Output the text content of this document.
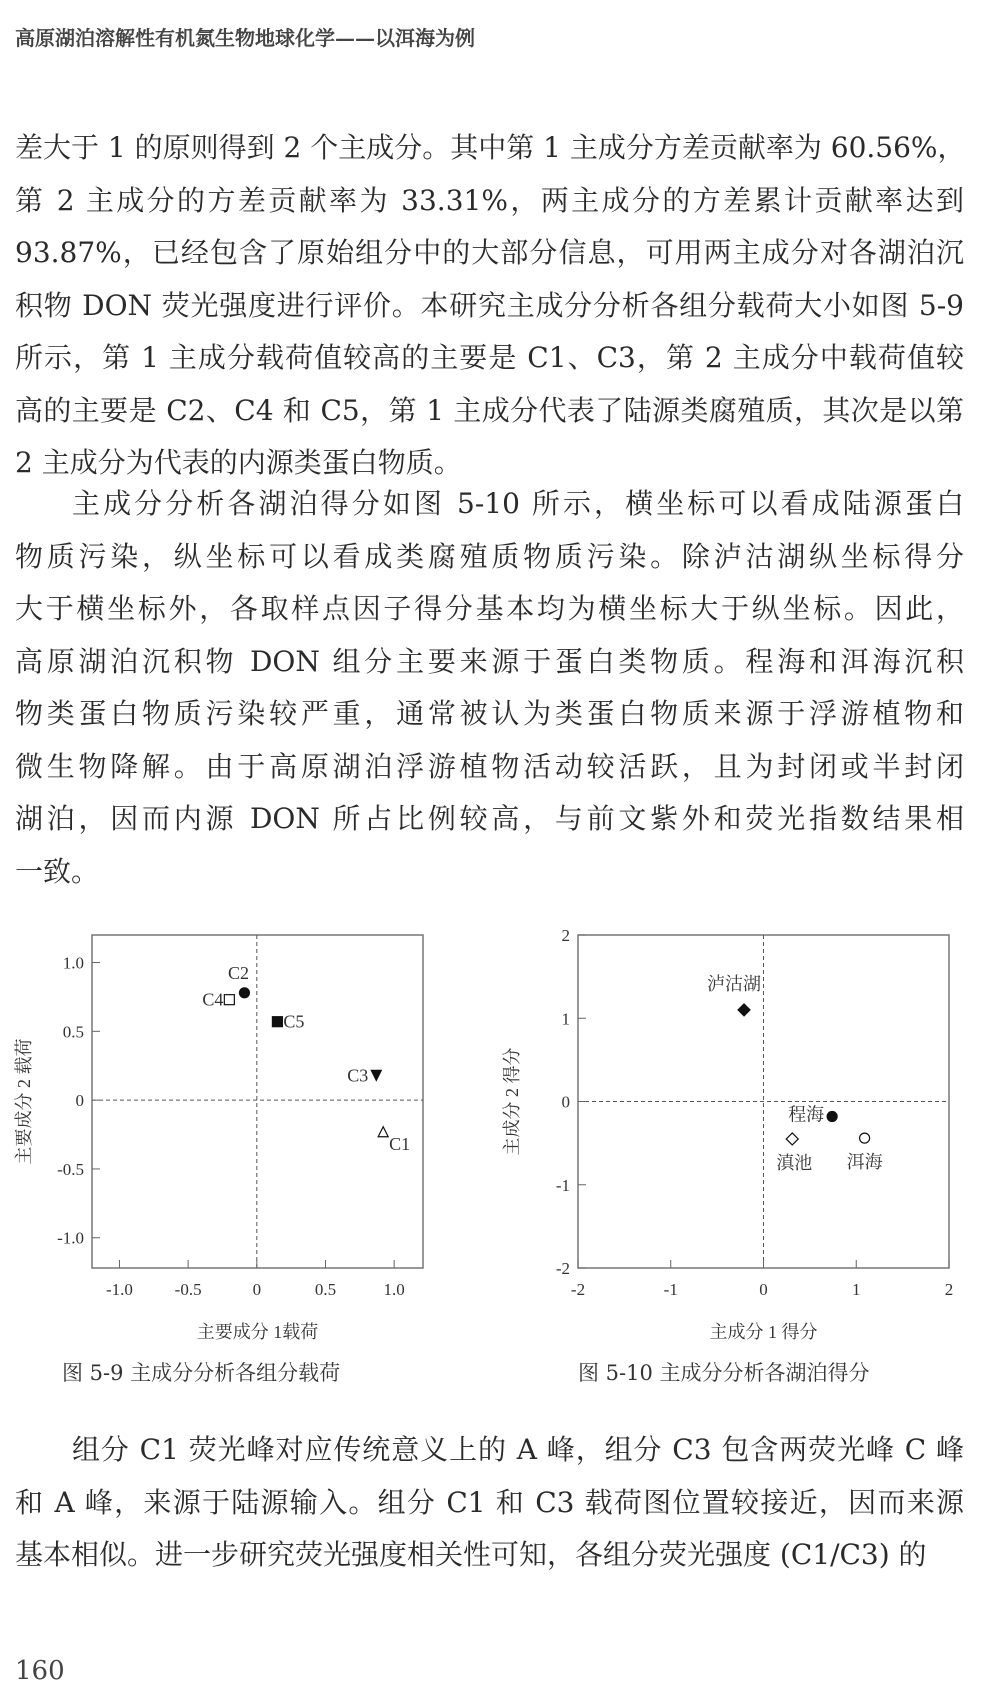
高原湖泊溶解性有机氮生物地球化学——以洱海为例
差大于 1 的原则得到 2 个主成分。其中第 1 主成分方差贡献率为 60.56%，
第 2 主成分的方差贡献率为 33.31%，两主成分的方差累计贡献率达到
93.87%，已经包含了原始组分中的大部分信息，可用两主成分对各湖泊沉
积物 DON 荧光强度进行评价。本研究主成分分析各组分载荷大小如图 5-9
所示，第 1 主成分载荷值较高的主要是 C1、C3，第 2 主成分中载荷值较
高的主要是 C2、C4 和 C5，第 1 主成分代表了陆源类腐殖质，其次是以第
2 主成分为代表的内源类蛋白物质。
主成分分析各湖泊得分如图 5-10 所示，横坐标可以看成陆源蛋白
物质污染，纵坐标可以看成类腐殖质物质污染。除泸沽湖纵坐标得分
大于横坐标外，各取样点因子得分基本均为横坐标大于纵坐标。因此，
高原湖泊沉积物 DON 组分主要来源于蛋白类物质。程海和洱海沉积
物类蛋白物质污染较严重，通常被认为类蛋白物质来源于浮游植物和
微生物降解。由于高原湖泊浮游植物活动较活跃，且为封闭或半封闭
湖泊，因而内源 DON 所占比例较高，与前文紫外和荧光指数结果相
一致。
组分 C1 荧光峰对应传统意义上的 A 峰，组分 C3 包含两荧光峰 C 峰
和 A 峰，来源于陆源输入。组分 C1 和 C3 载荷图位置较接近，因而来源
基本相似。进一步研究荧光强度相关性可知，各组分荧光强度 (C1/C3) 的
-1.0 -0.5	0	0.5	1.0
1.0
0.5
0
-0.5
-1.0
主要成分 1载荷
主要成分 2 载荷	C1
C2
C3
C4
C5
-2	-1	0	1	2
2
1
0
-1
-2
主成分 1 得分
主成分 2 得分
泸沽湖
程海
滇池 洱海
图 5-9 主成分分析各组分载荷	图 5-10 主成分分析各湖泊得分
160
